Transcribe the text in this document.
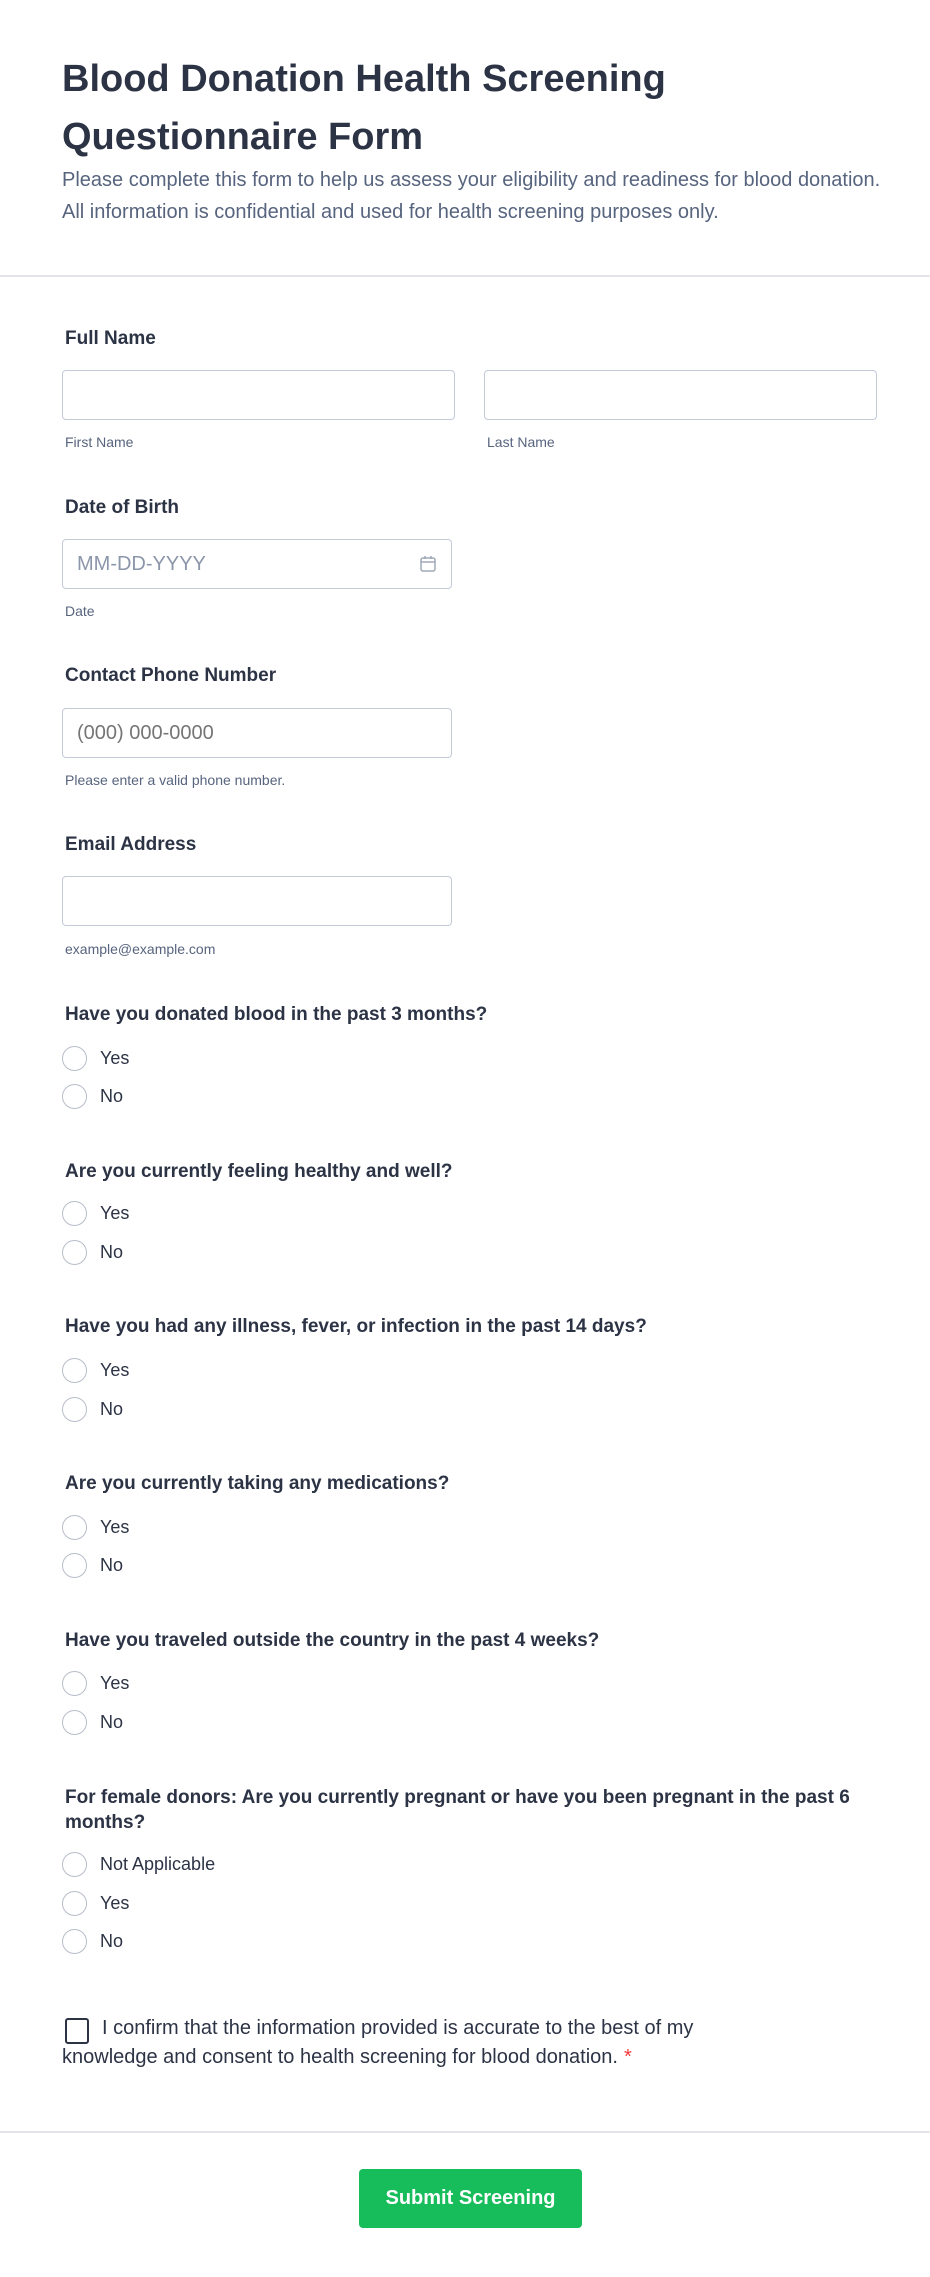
Blood Donation Health Screening Questionnaire Form
Please complete this form to help us assess your eligibility and readiness for blood donation. All information is confidential and used for health screening purposes only.
Full Name
First Name	Last Name
Date of Birth
MM-DD-YYYY
Date
Contact Phone Number
(000) 000-0000
Please enter a valid phone number.
Email Address
example@example.com
Have you donated blood in the past 3 months?
Yes
No
Are you currently feeling healthy and well?
Yes
No
Have you had any illness, fever, or infection in the past 14 days?
Yes
No
Are you currently taking any medications?
Yes
No
Have you traveled outside the country in the past 4 weeks?
Yes
No
For female donors: Are you currently pregnant or have you been pregnant in the past 6 months?
Not Applicable
Yes
No
I confirm that the information provided is accurate to the best of my knowledge and consent to health screening for blood donation. *
Submit Screening
